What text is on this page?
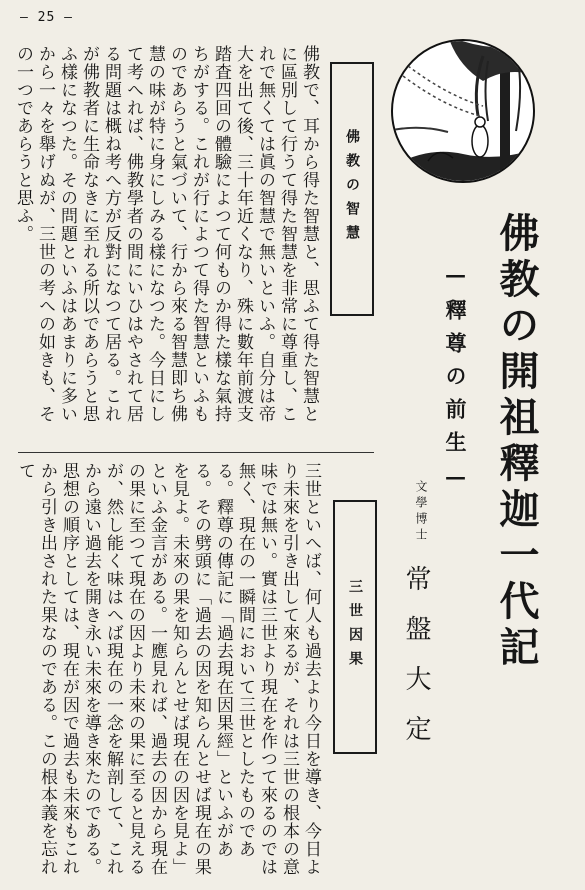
— 25 —
佛教の開祖釋迦一代記
—釋尊の前生—
文學博士
常盤大定
佛教の智慧
佛教で、耳から得た智慧と、思ふて得た智慧とに區別して行うて得た智慧を非常に尊重し、これで無くては眞の智慧で無いといふ。自分は帝大を出て後、三十年近くなり、殊に數年前渡支踏査四回の體驗によつて何ものか得た樣な氣持ちがする。これが行によつて得た智慧といふものであらうと氣づいて、行から來る智慧即ち佛慧の味が特に身にしみる樣になつた。今日にして考へれば、佛教學者の間にいひはやされて居る問題は概ね考へ方が反對になつて居る。これが佛教者に生命なきに至れる所以であらうと思ふ樣になつた。その問題といふはあまりに多いから一々を舉げぬが、三世の考への如きも、その一つであらうと思ふ。
三世因果
三世といへば、何人も過去より今日を導き、今日より未來を引き出して來るが、それは三世の根本の意味では無い。實は三世より現在を作つて來るのでは無く、現在の一瞬間において三世としたものである。釋尊の傳記に「過去現在因果經」といふがある。その劈頭に「過去の因を知らんとせば現在の果を見よ。未來の果を知らんとせば現在の因を見よ」といふ金言がある。一應見れば、過去の因から現在の果に至つて現在の因より未來の果に至ると見えるが、然し能く味はへば現在の一念を解剖して、これから遠い過去を開き永い未來を導き來たのである。思想の順序としては、現在が因で過去も未來もこれから引き出された果なのである。この根本義を忘れて
